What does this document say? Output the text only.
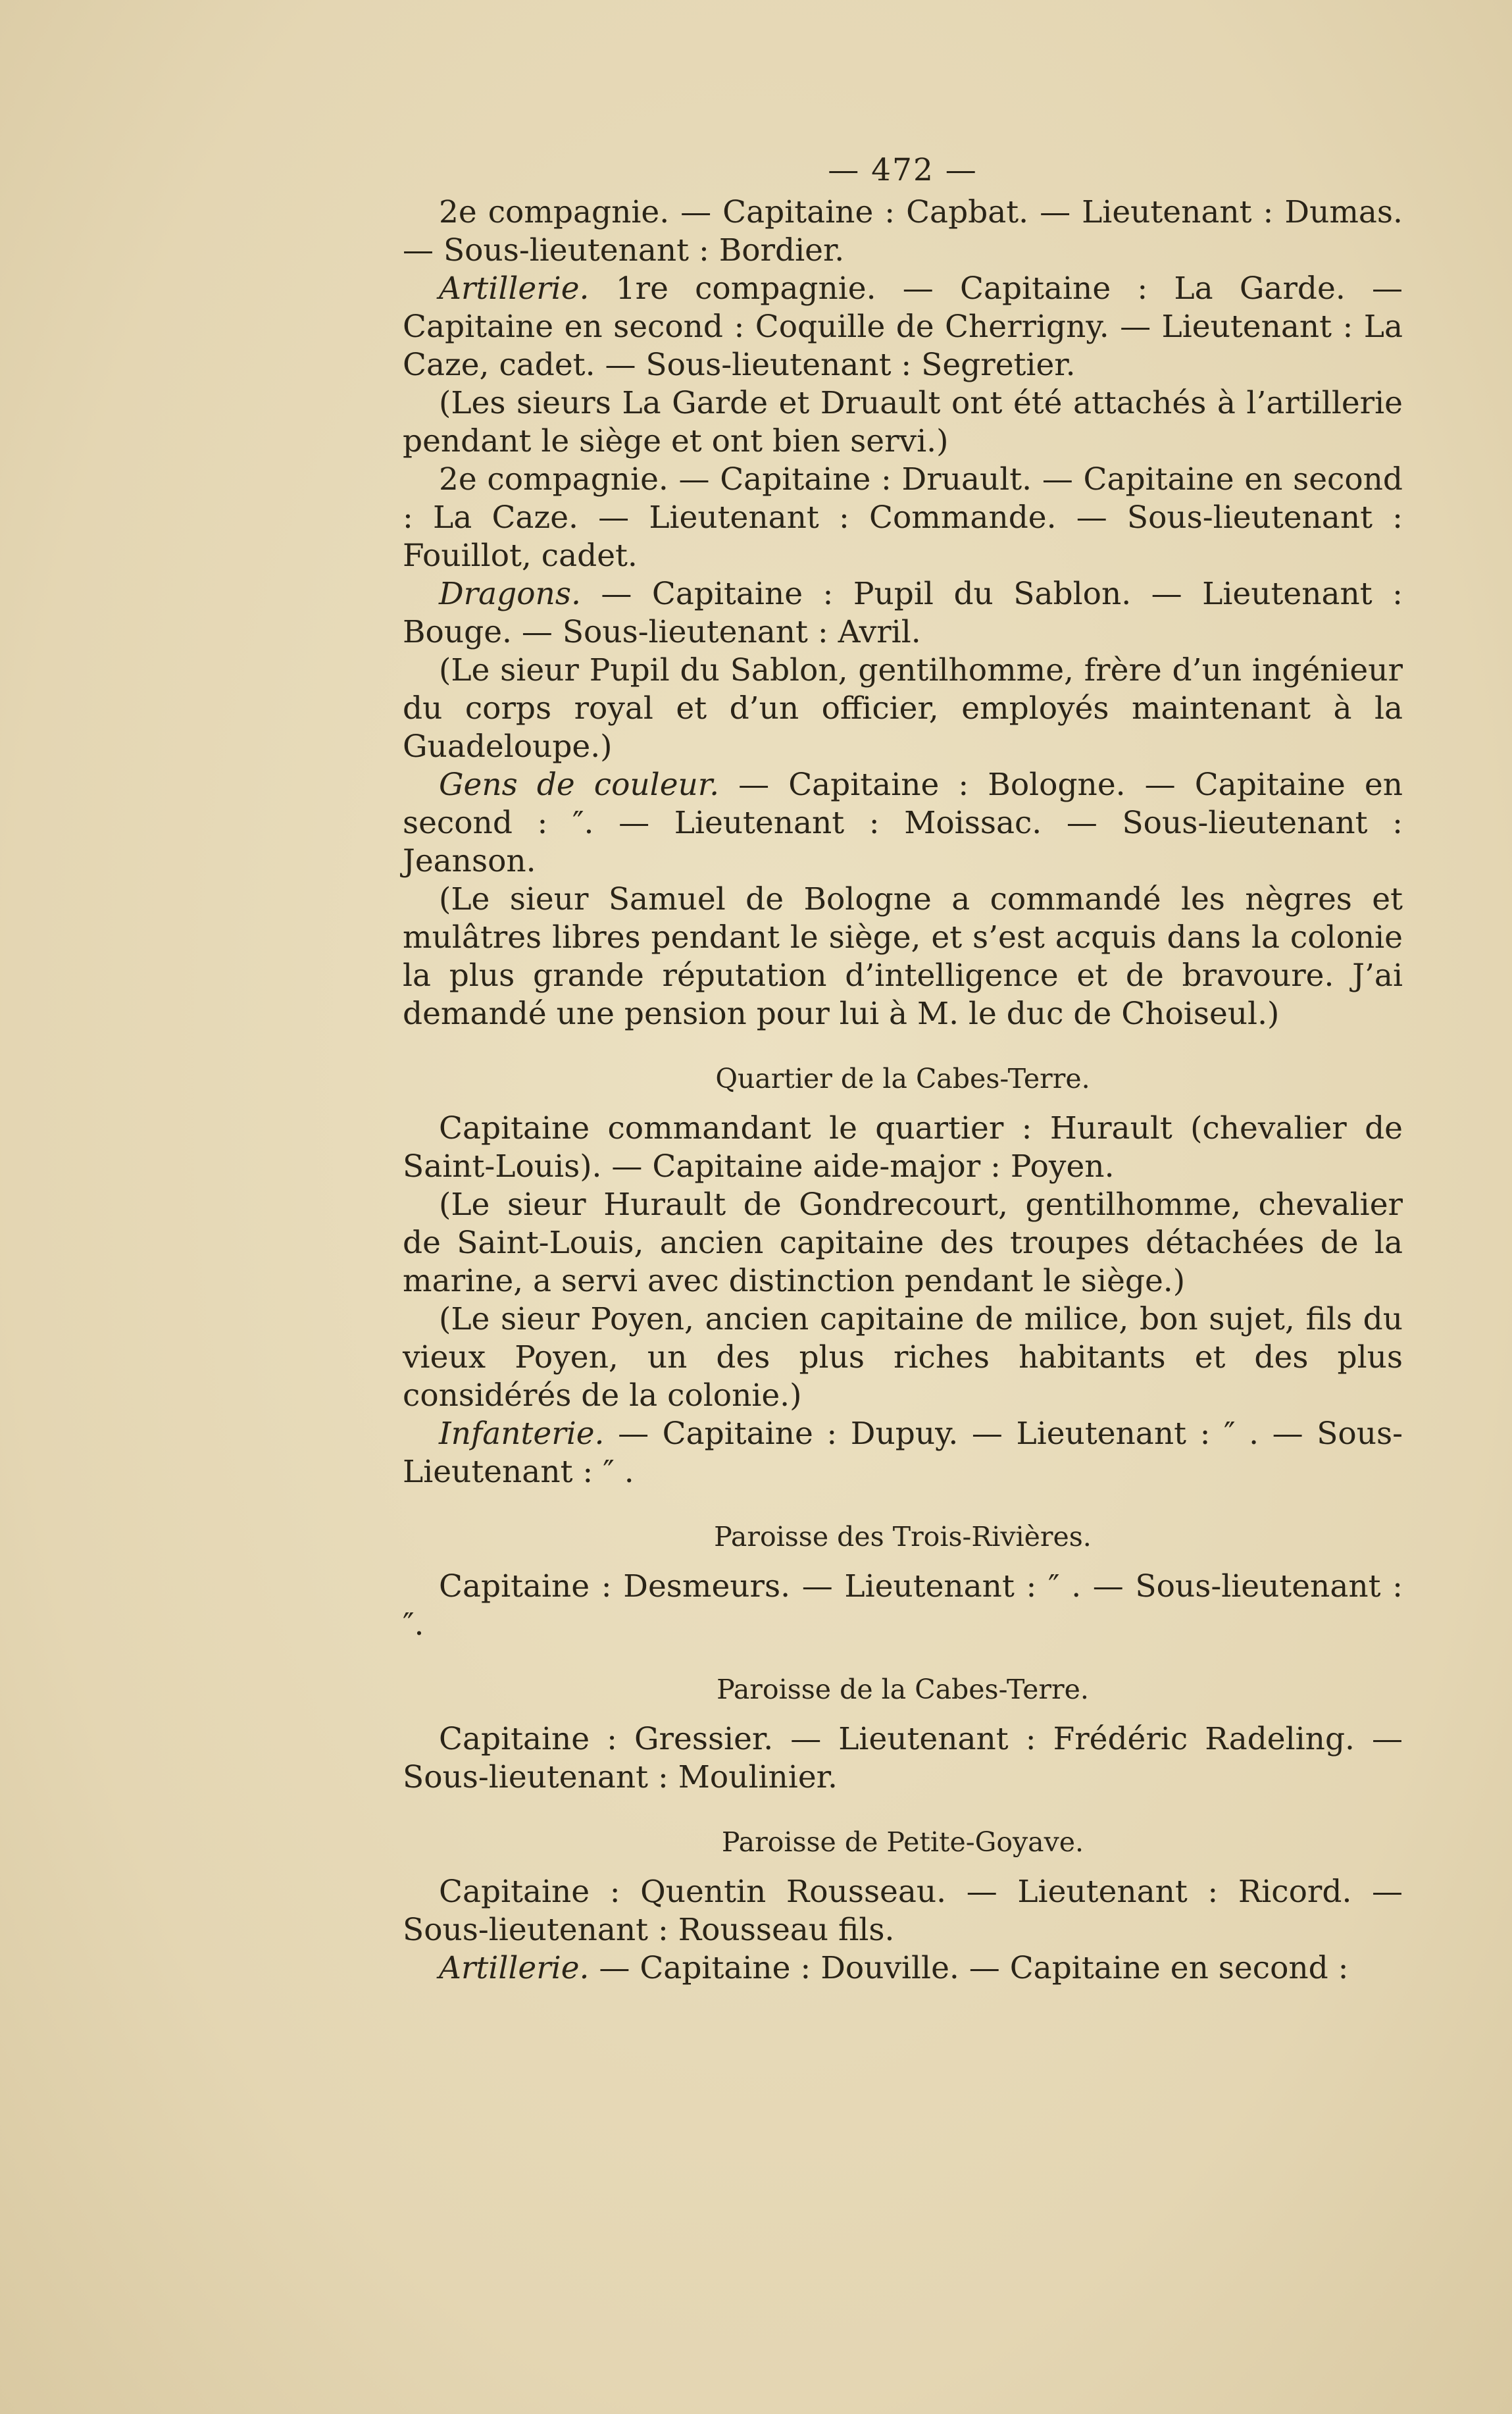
— 472 —

2e compagnie. — Capitaine : Capbat. — Lieutenant : Dumas. — Sous-lieutenant : Bordier.

Artillerie. 1re compagnie. — Capitaine : La Garde. — Capitaine en second : Coquille de Cherrigny. — Lieutenant : La Caze, cadet. — Sous-lieutenant : Segretier.

(Les sieurs La Garde et Druault ont été attachés à l’artillerie pendant le siège et ont bien servi.)

2e compagnie. — Capitaine : Druault. — Capitaine en second : La Caze. — Lieutenant : Commande. — Sous-lieutenant : Fouillot, cadet.

Dragons. — Capitaine : Pupil du Sablon. — Lieutenant : Bouge. — Sous-lieutenant : Avril.

(Le sieur Pupil du Sablon, gentilhomme, frère d’un ingénieur du corps royal et d’un officier, employés maintenant à la Guadeloupe.)

Gens de couleur. — Capitaine : Bologne. — Capitaine en second : ″. — Lieutenant : Moissac. — Sous-lieutenant : Jeanson.

(Le sieur Samuel de Bologne a commandé les nègres et mulâtres libres pendant le siège, et s’est acquis dans la colonie la plus grande réputation d’intelligence et de bravoure. J’ai demandé une pension pour lui à M. le duc de Choiseul.)

Quartier de la Cabes-Terre.

Capitaine commandant le quartier : Hurault (chevalier de Saint-Louis). — Capitaine aide-major : Poyen.

(Le sieur Hurault de Gondrecourt, gentilhomme, chevalier de Saint-Louis, ancien capitaine des troupes détachées de la marine, a servi avec distinction pendant le siège.)

(Le sieur Poyen, ancien capitaine de milice, bon sujet, fils du vieux Poyen, un des plus riches habitants et des plus considérés de la colonie.)

Infanterie. — Capitaine : Dupuy. — Lieutenant : ″ . — Sous-Lieutenant : ″ .

Paroisse des Trois-Rivières.

Capitaine : Desmeurs. — Lieutenant : ″ . — Sous-lieutenant : ″.

Paroisse de la Cabes-Terre.

Capitaine : Gressier. — Lieutenant : Frédéric Radeling. — Sous-lieutenant : Moulinier.

Paroisse de Petite-Goyave.

Capitaine : Quentin Rousseau. — Lieutenant : Ricord. — Sous-lieutenant : Rousseau fils.

Artillerie. — Capitaine : Douville. — Capitaine en second :
